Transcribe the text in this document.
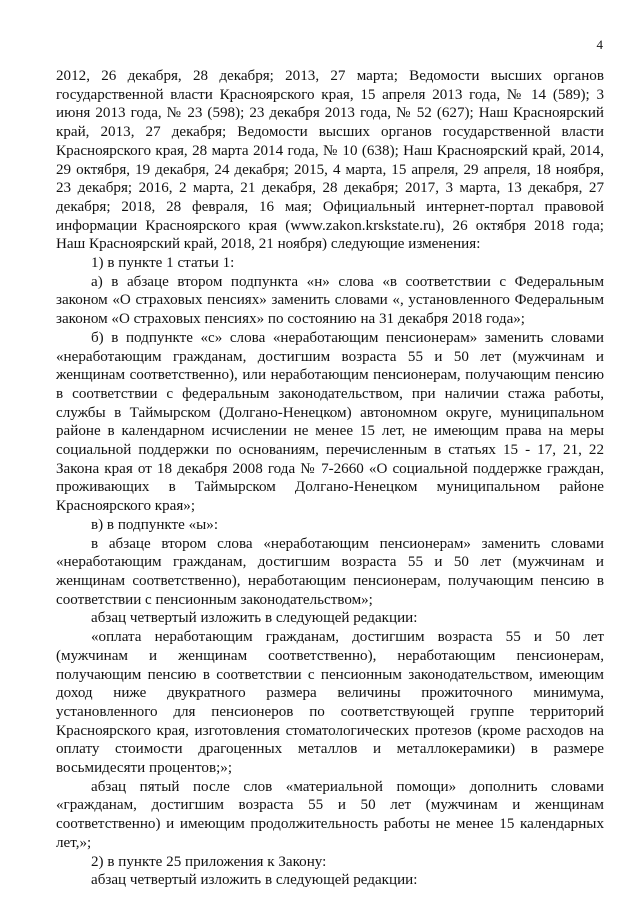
4

2012, 26 декабря, 28 декабря; 2013, 27 марта; Ведомости высших органов государственной власти Красноярского края, 15 апреля 2013 года, № 14 (589); 3 июня 2013 года, № 23 (598); 23 декабря 2013 года, № 52 (627); Наш Красноярский край, 2013, 27 декабря; Ведомости высших органов государственной власти Красноярского края, 28 марта 2014 года, № 10 (638); Наш Красноярский край, 2014, 29 октября, 19 декабря, 24 декабря; 2015, 4 марта, 15 апреля, 29 апреля, 18 ноября, 23 декабря; 2016, 2 марта, 21 декабря, 28 декабря; 2017, 3 марта, 13 декабря, 27 декабря; 2018, 28 февраля, 16 мая; Официальный интернет-портал правовой информации Красноярского края (www.zakon.krskstate.ru), 26 октября 2018 года; Наш Красноярский край, 2018, 21 ноября) следующие изменения:

1) в пункте 1 статьи 1:

а) в абзаце втором подпункта «н» слова «в соответствии с Федеральным законом «О страховых пенсиях» заменить словами «, установленного Федеральным законом «О страховых пенсиях» по состоянию на 31 декабря 2018 года»;

б) в подпункте «с» слова «неработающим пенсионерам» заменить словами «неработающим гражданам, достигшим возраста 55 и 50 лет (мужчинам и женщинам соответственно), или неработающим пенсионерам, получающим пенсию в соответствии с федеральным законодательством, при наличии стажа работы, службы в Таймырском (Долгано-Ненецком) автономном округе, муниципальном районе в календарном исчислении не менее 15 лет, не имеющим права на меры социальной поддержки по основаниям, перечисленным в статьях 15 - 17, 21, 22 Закона края от 18 декабря 2008 года № 7-2660 «О социальной поддержке граждан, проживающих в Таймырском Долгано-Ненецком муниципальном районе Красноярского края»;

в) в подпункте «ы»:

в абзаце втором слова «неработающим пенсионерам» заменить словами «неработающим гражданам, достигшим возраста 55 и 50 лет (мужчинам и женщинам соответственно), неработающим пенсионерам, получающим пенсию в соответствии с пенсионным законодательством»;

абзац четвертый изложить в следующей редакции:

«оплата неработающим гражданам, достигшим возраста 55 и 50 лет (мужчинам и женщинам соответственно), неработающим пенсионерам, получающим пенсию в соответствии с пенсионным законодательством, имеющим доход ниже двукратного размера величины прожиточного минимума, установленного для пенсионеров по соответствующей группе территорий Красноярского края, изготовления стоматологических протезов (кроме расходов на оплату стоимости драгоценных металлов и металлокерамики) в размере восьмидесяти процентов;»;

абзац пятый после слов «материальной помощи» дополнить словами «гражданам, достигшим возраста 55 и 50 лет (мужчинам и женщинам соответственно) и имеющим продолжительность работы не менее 15 календарных лет,»;

2) в пункте 25 приложения к Закону:

абзац четвертый изложить в следующей редакции:
